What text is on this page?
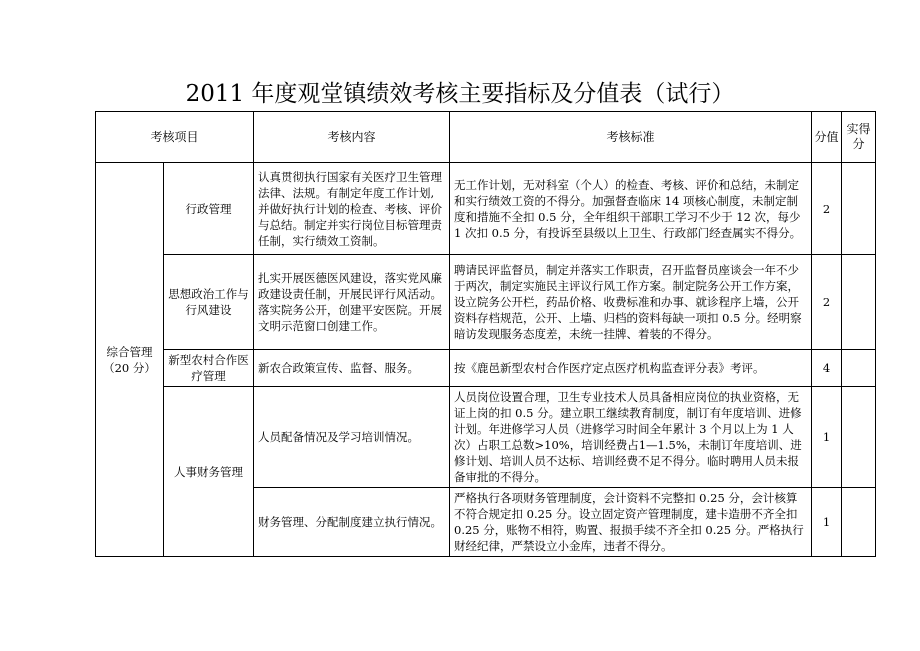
2011 年度观堂镇绩效考核主要指标及分值表（试行）
考核项目		考核内容	考核标准	分值	实得分
综合管理（20 分）	行政管理	认真贯彻执行国家有关医疗卫生管理法律、法规。有制定年度工作计划,并做好执行计划的检查、考核、评价与总结。制定并实行岗位目标管理责任制，实行绩效工资制。	无工作计划，无对科室（个人）的检查、考核、评价和总结，未制定和实行绩效工资的不得分。加强督查临床 14 项核心制度，未制定制度和措施不全扣 0.5 分，全年组织干部职工学习不少于 12 次，每少 1 次扣 0.5 分，有投诉至县级以上卫生、行政部门经查属实不得分。	2	
	思想政治工作与行风建设	扎实开展医德医风建设，落实党风廉政建设责任制，开展民评行风活动。落实院务公开，创建平安医院。开展文明示范窗口创建工作。	聘请民评监督员，制定并落实工作职责，召开监督员座谈会一年不少于两次，制定实施民主评议行风工作方案。制定院务公开工作方案，设立院务公开栏，药品价格、收费标准和办事、就诊程序上墙，公开资料存档规范，公开、上墙、归档的资料每缺一项扣 0.5 分。经明察暗访发现服务态度差，未统一挂牌、着装的不得分。	2	
	新型农村合作医疗管理	新农合政策宣传、监督、服务。	按《鹿邑新型农村合作医疗定点医疗机构监查评分表》考评。	4	
	人事财务管理	人员配备情况及学习培训情况。	人员岗位设置合理，卫生专业技术人员具备相应岗位的执业资格，无证上岗的扣 0.5 分。建立职工继续教育制度，制订有年度培训、进修计划。年进修学习人员（进修学习时间全年累计 3 个月以上为 1 人次）占职工总数>10%，培训经费占1—1.5%，未制订年度培训、进修计划、培训人员不达标、培训经费不足不得分。临时聘用人员未报备审批的不得分。	1	
		财务管理、分配制度建立执行情况。	严格执行各项财务管理制度，会计资料不完整扣 0.25 分，会计核算不符合规定扣 0.25 分。设立固定资产管理制度，建卡造册不齐全扣 0.25 分，账物不相符，购置、报损手续不齐全扣 0.25 分。严格执行财经纪律，严禁设立小金库，违者不得分。	1	
